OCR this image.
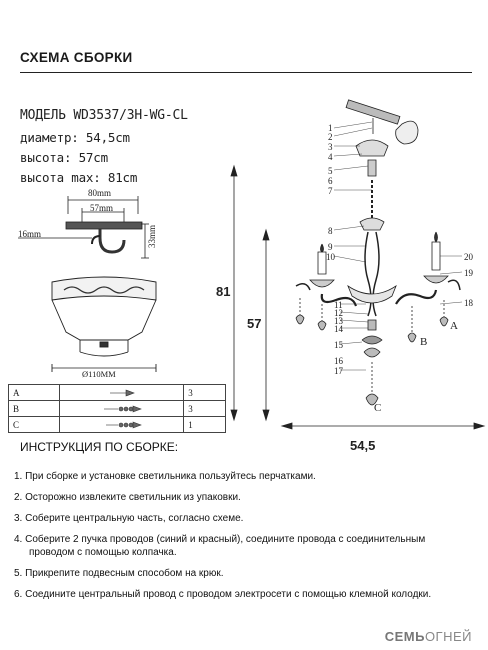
СХЕМА СБОРКИ
МОДЕЛЬ WD3537/3H-WG-CL
диаметр: 54,5cm
высота: 57cm
высота max: 81cm
80mm
57mm
16mm	33mm
Ø110MM
A		3
B		3
C		1
81
57
54,5
1
2
3
4
5
6
7
8
9
10
11
12
13
14
15
16
17
18
19
20
A
B
C
ИНСТРУКЦИЯ ПО СБОРКЕ:
1. При сборке и установке светильника пользуйтесь перчатками.
2. Осторожно извлеките светильник из упаковки.
3. Соберите центральную часть, согласно схеме.
4. Соберите 2 пучка проводов (синий и красный), соедините провода с соединительным
проводом с помощью колпачка.
5. Прикрепите подвесным способом на крюк.
6. Соедините центральный провод с проводом электросети с помощью клемной колодки.
СЕМЬОГНЕЙ
